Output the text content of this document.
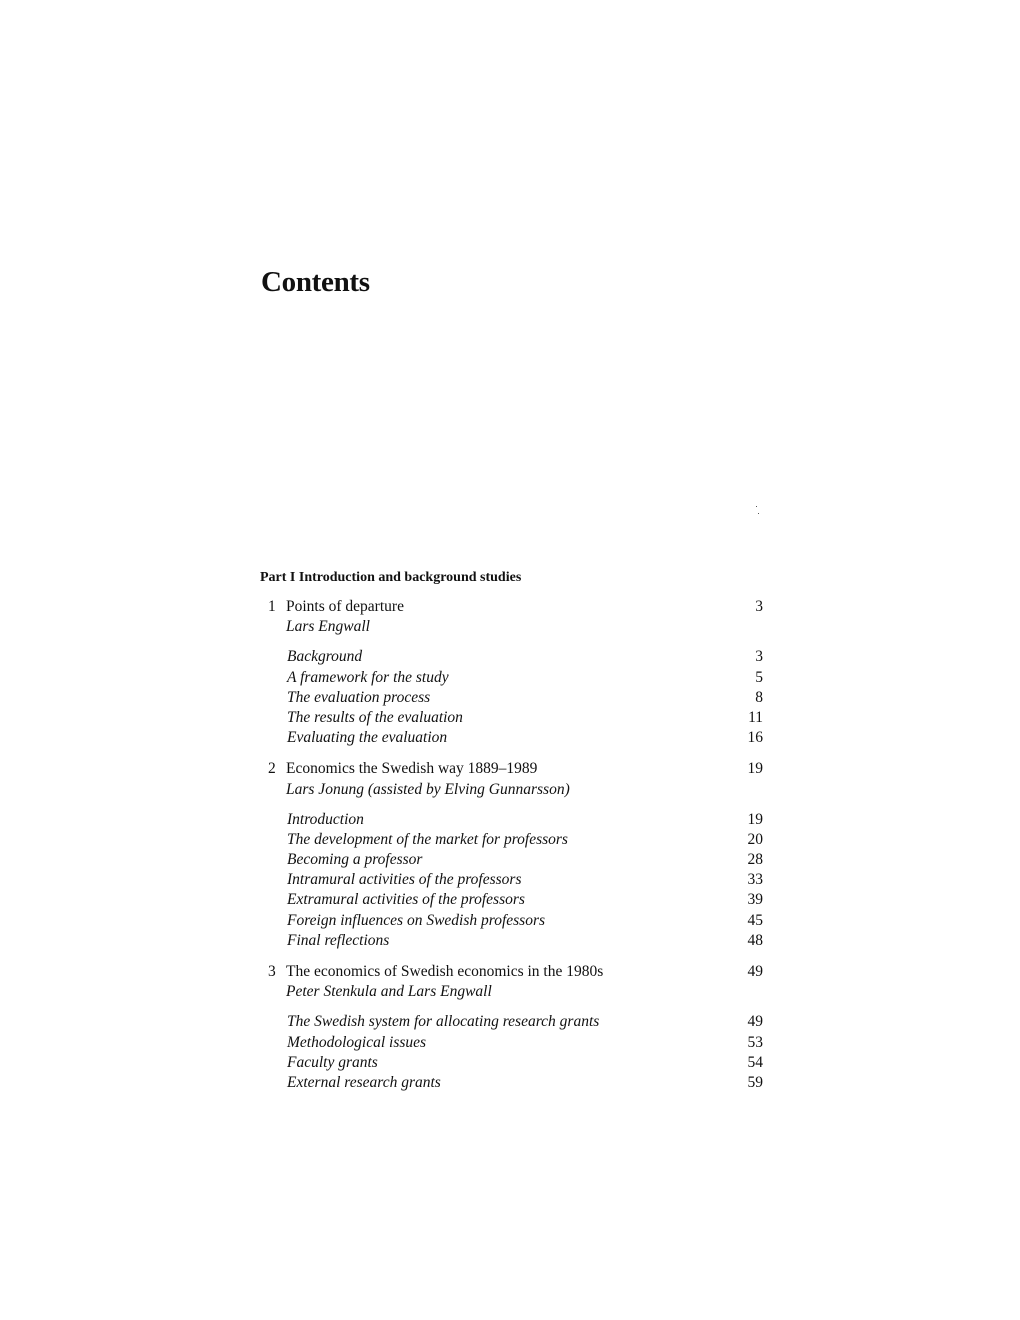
Contents
Part I Introduction and background studies
1 Points of departure	3
Lars Engwall
Background	3
A framework for the study	5
The evaluation process	8
The results of the evaluation	11
Evaluating the evaluation	16
2 Economics the Swedish way 1889–1989	19
Lars Jonung (assisted by Elving Gunnarsson)
Introduction	19
The development of the market for professors	20
Becoming a professor	28
Intramural activities of the professors	33
Extramural activities of the professors	39
Foreign influences on Swedish professors	45
Final reflections	48
3 The economics of Swedish economics in the 1980s	49
Peter Stenkula and Lars Engwall
The Swedish system for allocating research grants	49
Methodological issues	53
Faculty grants	54
External research grants	59
